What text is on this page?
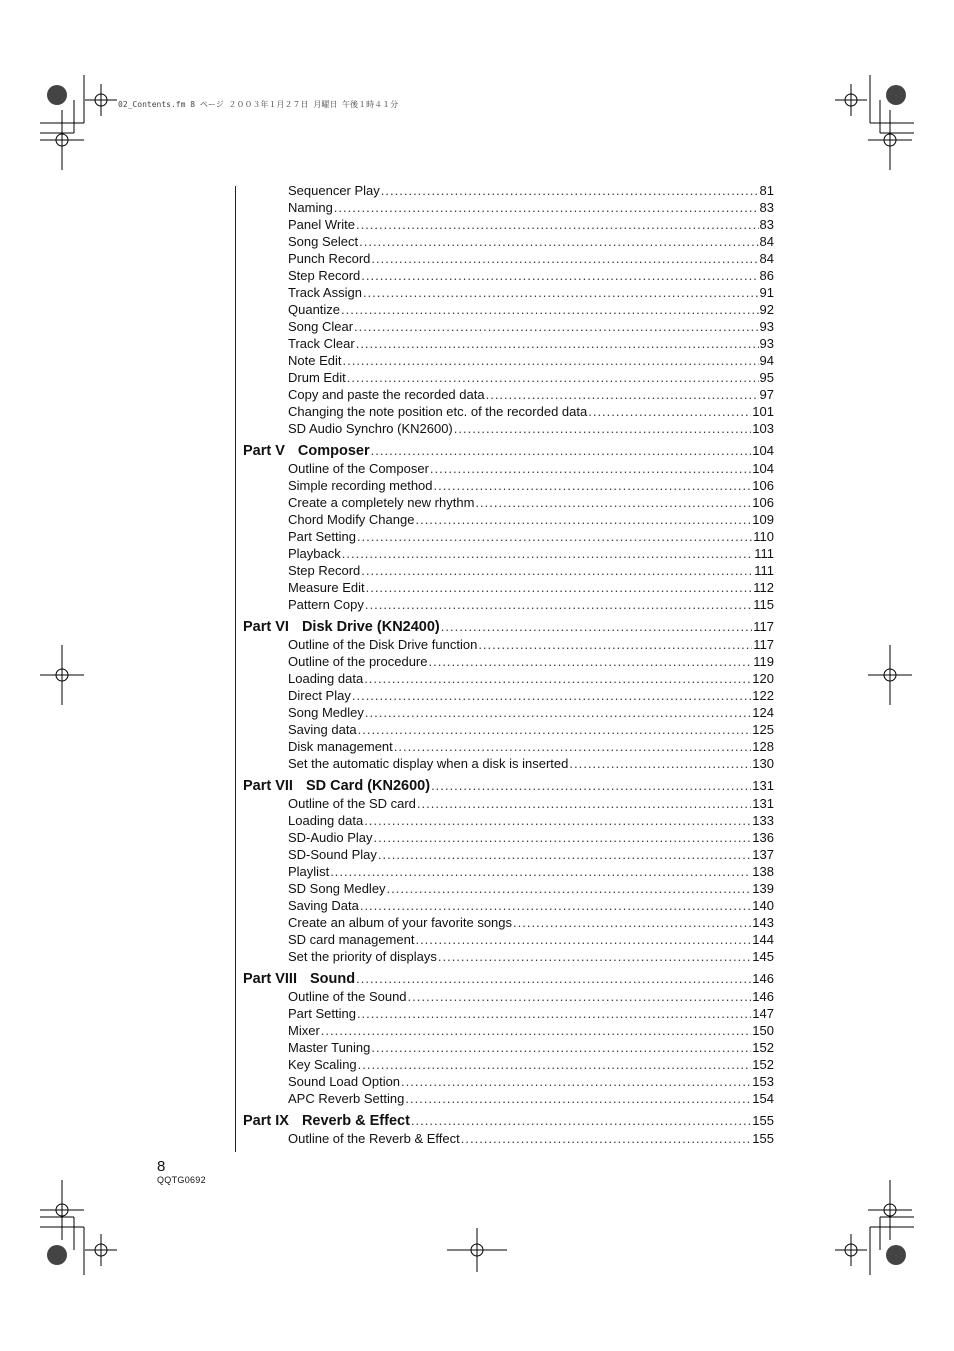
02_Contents.fm 8 ページ ２００３年１月２７日 月曜日 午後１時４１分
Sequencer Play .....	81
Naming .....	83
Panel Write .....	83
Song Select .....	84
Punch Record .....	84
Step Record .....	86
Track Assign .....	91
Quantize .....	92
Song Clear .....	93
Track Clear .....	93
Note Edit .....	94
Drum Edit .....	95
Copy and paste the recorded data .....	97
Changing the note position etc. of the recorded data .....	101
SD Audio Synchro (KN2600) .....	103
Part V Composer .....	104
Outline of the Composer .....	104
Simple recording method .....	106
Create a completely new rhythm .....	106
Chord Modify Change .....	109
Part Setting .....	110
Playback .....	111
Step Record .....	111
Measure Edit .....	112
Pattern Copy .....	115
Part VI Disk Drive (KN2400) .....	117
Outline of the Disk Drive function .....	117
Outline of the procedure .....	119
Loading data .....	120
Direct Play .....	122
Song Medley .....	124
Saving data .....	125
Disk management .....	128
Set the automatic display when a disk is inserted .....	130
Part VII SD Card (KN2600) .....	131
Outline of the SD card .....	131
Loading data .....	133
SD-Audio Play .....	136
SD-Sound Play .....	137
Playlist .....	138
SD Song Medley .....	139
Saving Data .....	140
Create an album of your favorite songs .....	143
SD card management .....	144
Set the priority of displays .....	145
Part VIII Sound .....	146
Outline of the Sound .....	146
Part Setting .....	147
Mixer .....	150
Master Tuning .....	152
Key Scaling .....	152
Sound Load Option .....	153
APC Reverb Setting .....	154
Part IX Reverb & Effect .....	155
Outline of the Reverb & Effect .....	155
8
QQTG0692
